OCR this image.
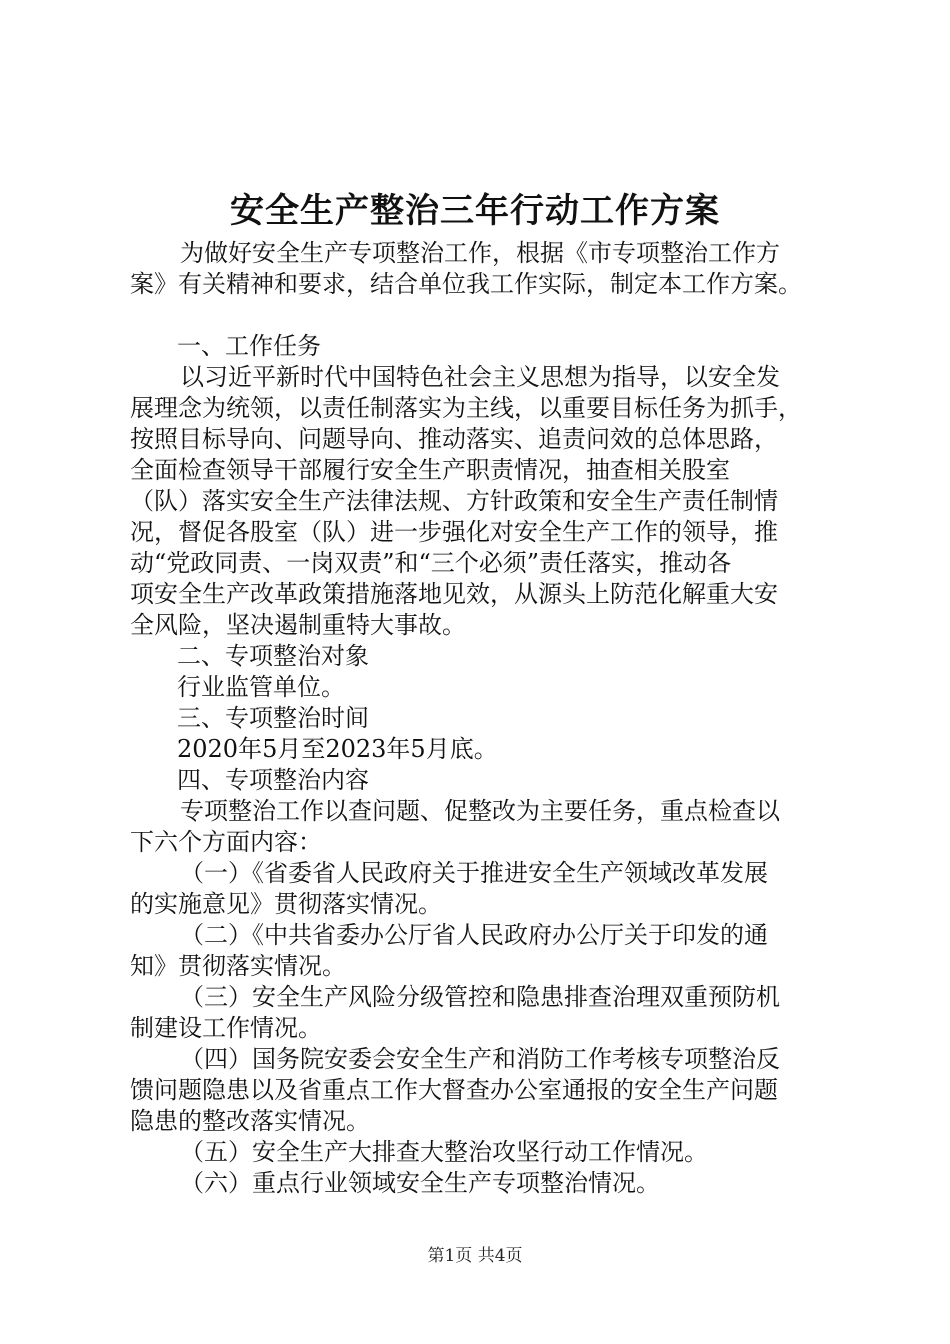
安全生产整治三年行动工作方案
为做好安全生产专项整治工作，根据《市专项整治工作方
案》有关精神和要求，结合单位我工作实际，制定本工作方案。
一、工作任务
以习近平新时代中国特色社会主义思想为指导，以安全发
展理念为统领，以责任制落实为主线，以重要目标任务为抓手，
按照目标导向、问题导向、推动落实、追责问效的总体思路，
全面检查领导干部履行安全生产职责情况，抽查相关股室
（队）落实安全生产法律法规、方针政策和安全生产责任制情
况，督促各股室（队）进一步强化对安全生产工作的领导，推
动“党政同责、一岗双责”和“三个必须”责任落实，推动各
项安全生产改革政策措施落地见效，从源头上防范化解重大安
全风险，坚决遏制重特大事故。
二、专项整治对象
行业监管单位。
三、专项整治时间
2020年5月至2023年5月底。
四、专项整治内容
专项整治工作以查问题、促整改为主要任务，重点检查以
下六个方面内容：
（一）《省委省人民政府关于推进安全生产领域改革发展
的实施意见》贯彻落实情况。
（二）《中共省委办公厅省人民政府办公厅关于印发的通
知》贯彻落实情况。
（三）安全生产风险分级管控和隐患排查治理双重预防机
制建设工作情况。
（四）国务院安委会安全生产和消防工作考核专项整治反
馈问题隐患以及省重点工作大督查办公室通报的安全生产问题
隐患的整改落实情况。
（五）安全生产大排查大整治攻坚行动工作情况。
（六）重点行业领域安全生产专项整治情况。
第1页 共4页
